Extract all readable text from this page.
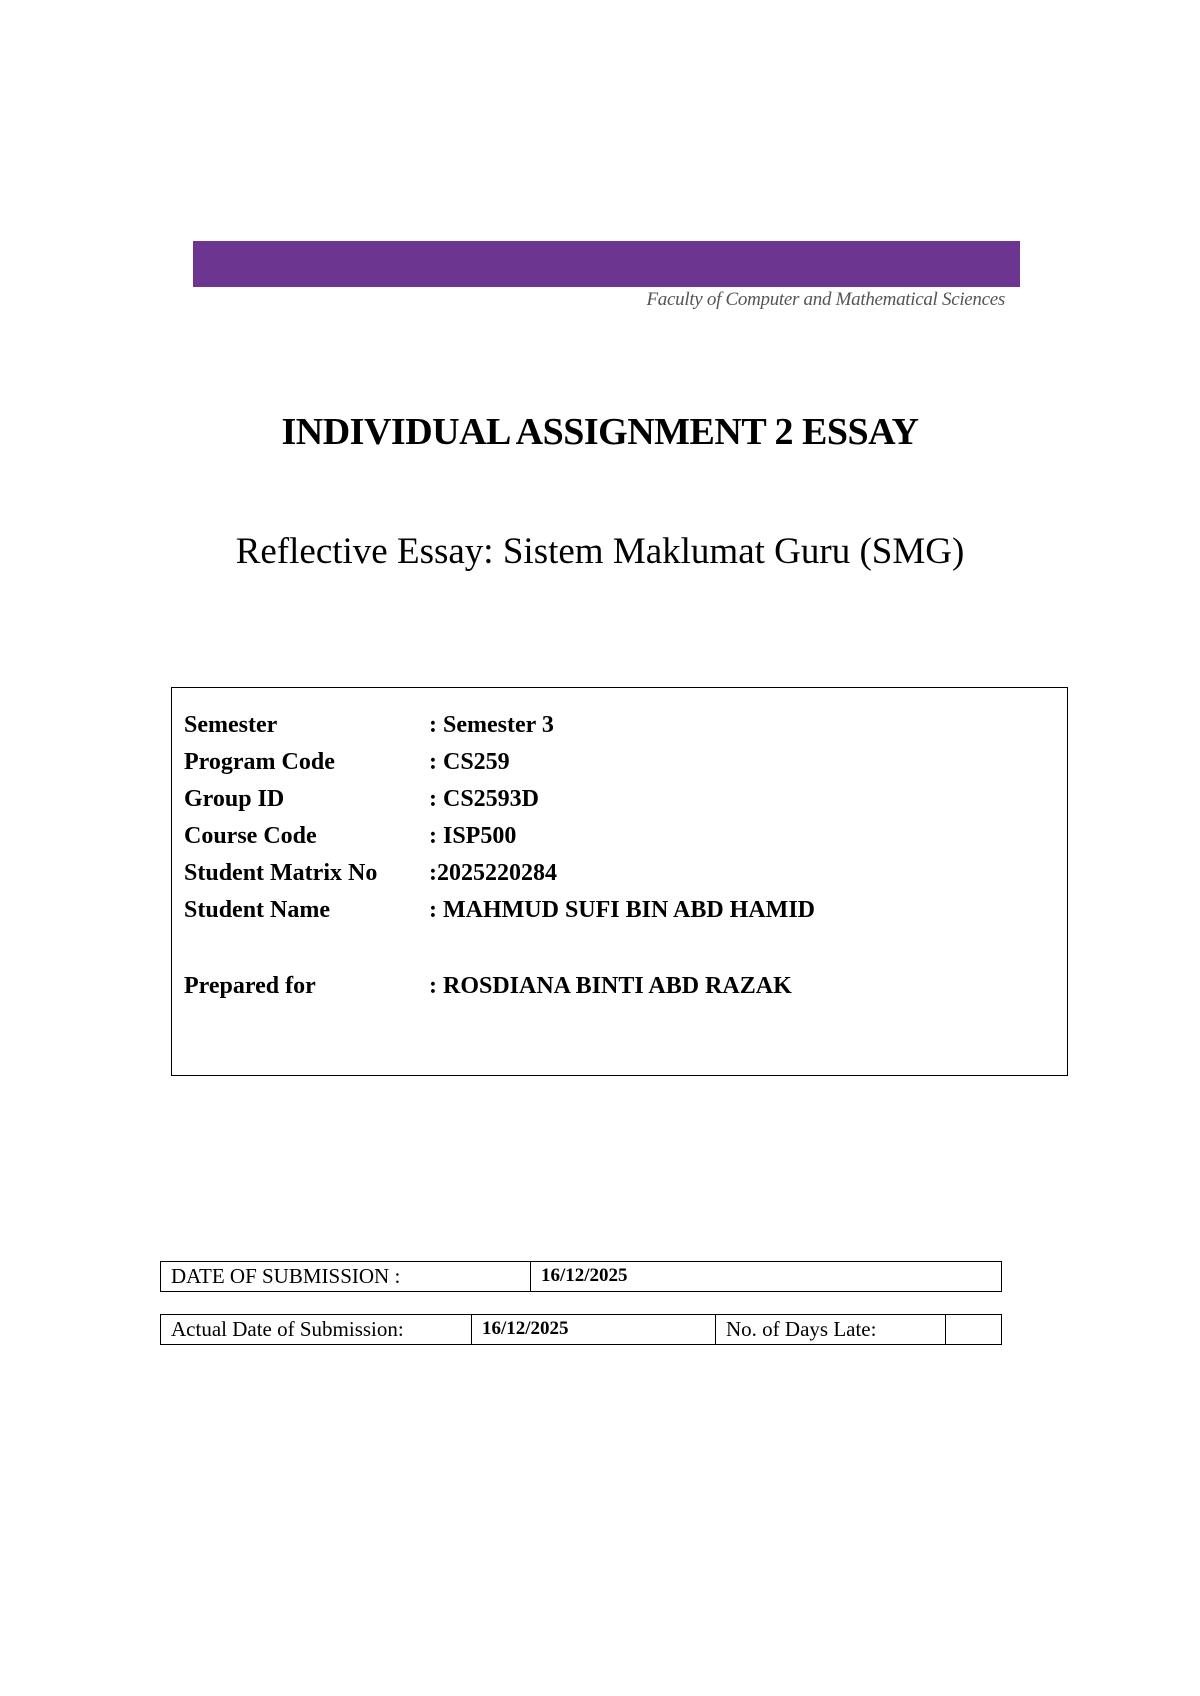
Faculty of Computer and Mathematical Sciences
INDIVIDUAL ASSIGNMENT 2 ESSAY
Reflective Essay: Sistem Maklumat Guru (SMG)
Semester	: Semester 3
Program Code	: CS259
Group ID	: CS2593D
Course Code	: ISP500
Student Matrix No :2025220284
Student Name	: MAHMUD SUFI BIN ABD HAMID
Prepared for	: ROSDIANA BINTI ABD RAZAK
DATE OF SUBMISSION :	16/12/2025
Actual Date of Submission:	16/12/2025	No. of Days Late:
